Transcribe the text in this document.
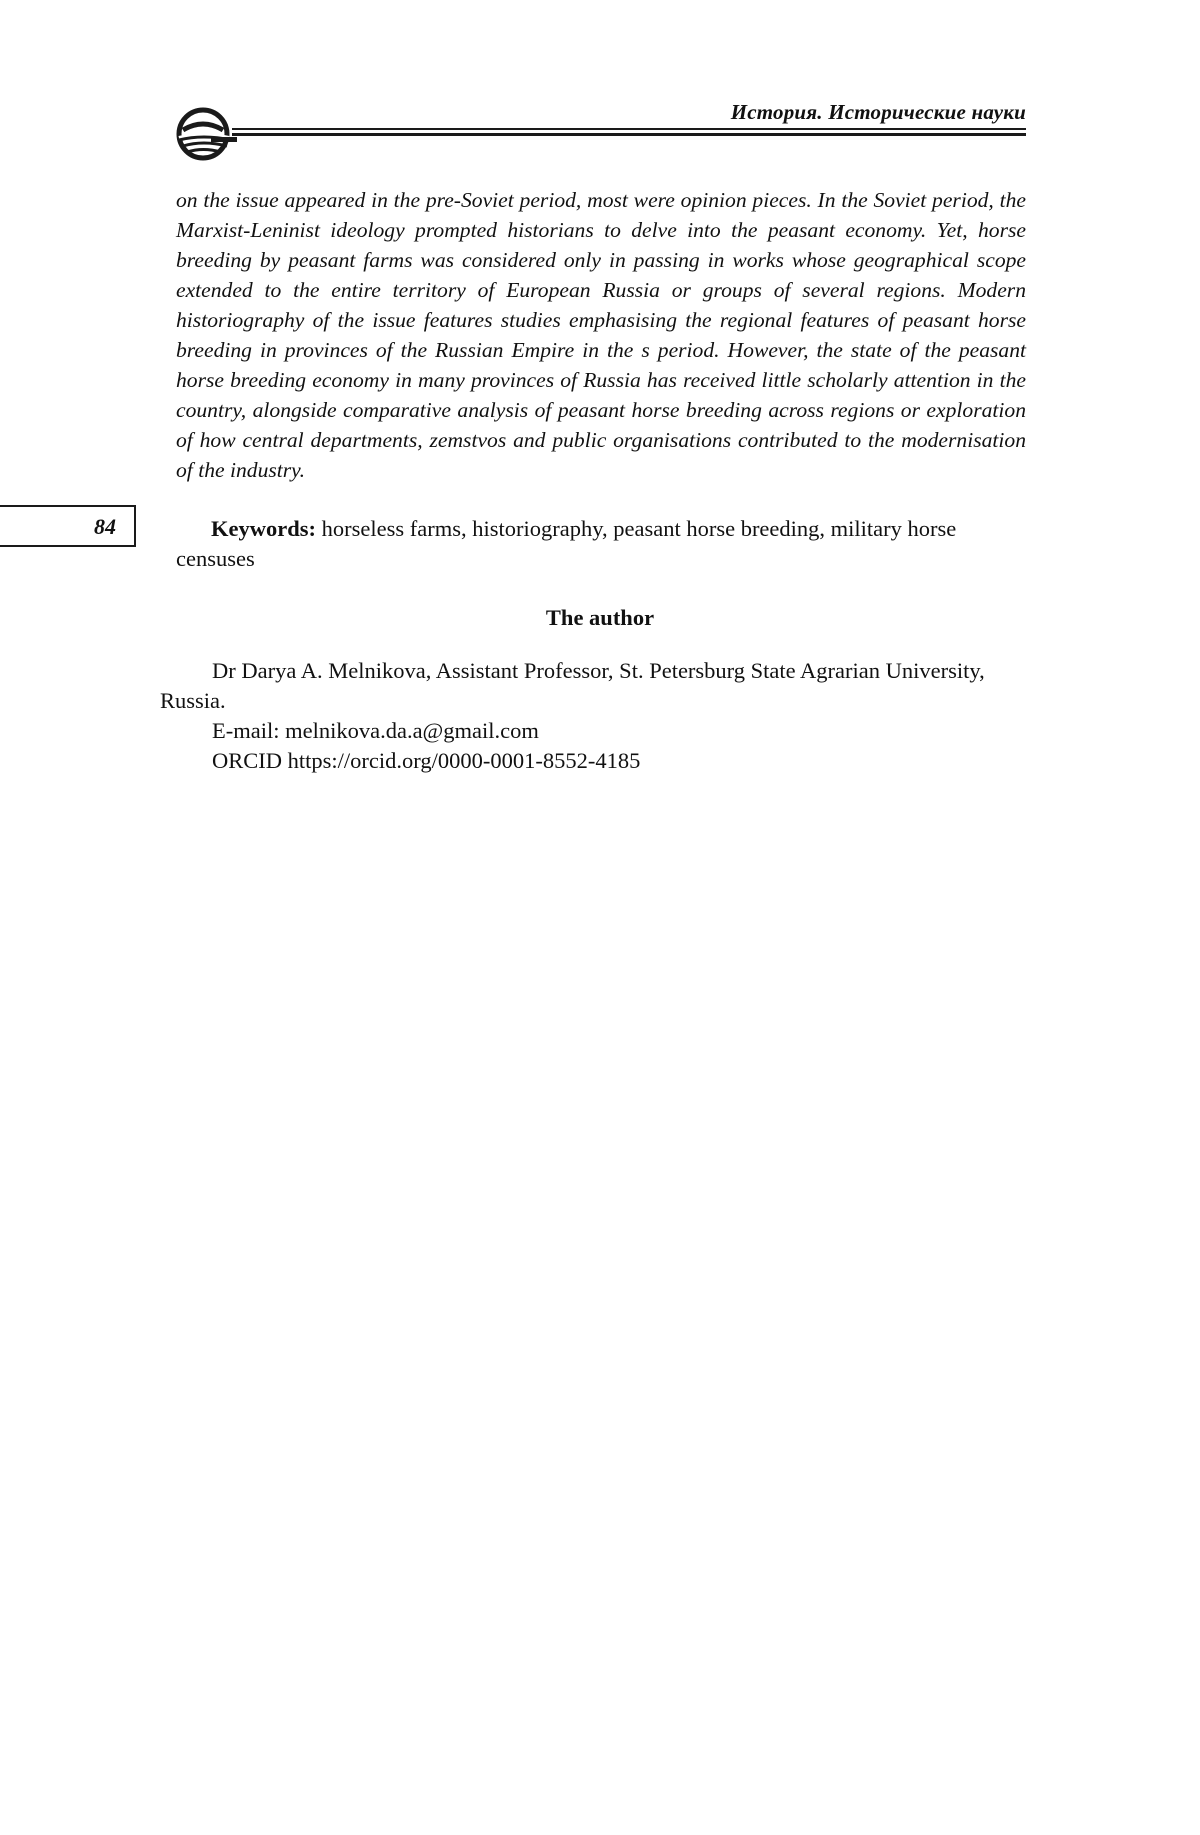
История. Исторические науки

on the issue appeared in the pre-Soviet period, most were opinion pieces. In the Soviet period, the Marxist-Leninist ideology prompted historians to delve into the peasant economy. Yet, horse breeding by peasant farms was considered only in passing in works whose geographical scope extended to the entire territory of European Russia or groups of several regions. Modern historiography of the issue features studies emphasising the regional features of peasant horse breeding in provinces of the Russian Empire in the s period. However, the state of the peasant horse breeding economy in many provinces of Russia has received little scholarly attention in the country, alongside comparative analysis of peasant horse breeding across regions or exploration of how central departments, zemstvos and public organisations contributed to the modernisation of the industry.

84	Keywords: horseless farms, historiography, peasant horse breeding, military horse censuses

The author

Dr Darya A. Melnikova, Assistant Professor, St. Petersburg State Agrarian University, Russia.

E-mail: melnikova.da.a@gmail.com
ORCID https://orcid.org/0000-0001-8552-4185
